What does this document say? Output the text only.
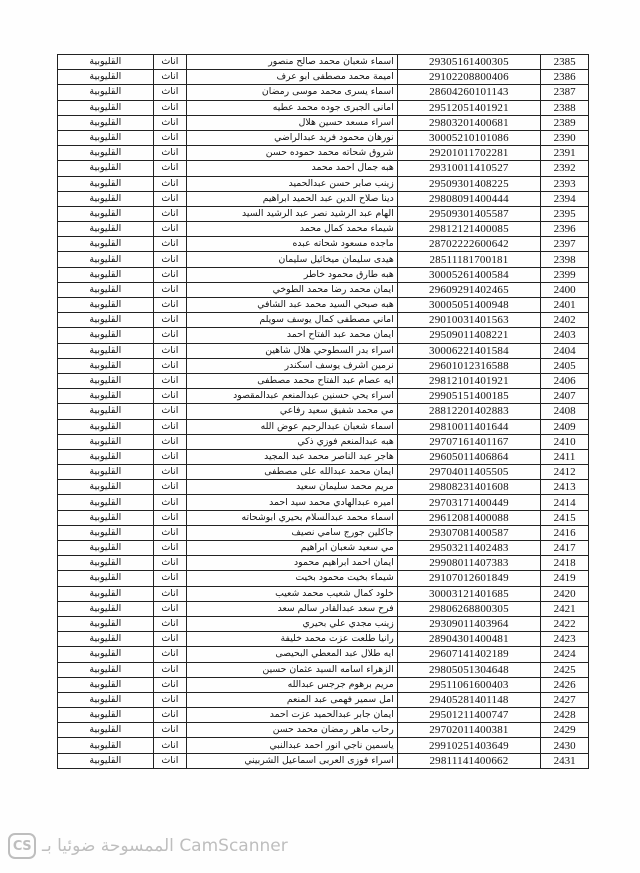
القليوبية	اناث	اسماء شعبان محمد صالح منصور	29305161400305	2385
القليوبية	اناث	اميمة محمد مصطفى ابو عرف	29102208800406	2386
القليوبية	اناث	اسماء يسرى محمد موسى رمضان	28604260101143	2387
القليوبية	اناث	امانى الجبرى جوده محمد عطيه	29512051401921	2388
القليوبية	اناث	اسراء مسعد حسين هلال	29803201400681	2389
القليوبية	اناث	نورهان محمود فريد عبدالراضي	30005210101086	2390
القليوبية	اناث	شروق شحاته محمد حموده حسن	29201011702281	2391
القليوبية	اناث	هبه جمال احمد محمد	29310011410527	2392
القليوبية	اناث	زينب صابر حسن عبدالحميد	29509301408225	2393
القليوبية	اناث	دينا صلاح الدين عبد الحميد ابراهيم	29808091400444	2394
القليوبية	اناث	الهام عبد الرشيد نصر عبد الرشيد السيد	29509301405587	2395
القليوبية	اناث	شيماء محمد كمال محمد	29812121400085	2396
القليوبية	اناث	ماجده مسعود شحاته عبده	28702222600642	2397
القليوبية	اناث	هيدى سليمان ميخائيل سليمان	28511181700181	2398
القليوبية	اناث	هبه طارق محمود خاطر	30005261400584	2399
القليوبية	اناث	ايمان محمد رضا محمد الطوخي	29609291402465	2400
القليوبية	اناث	هبه صبحي السيد محمد عبد الشافي	30005051400948	2401
القليوبية	اناث	اماني مصطفى كمال يوسف سويلم	29010031401563	2402
القليوبية	اناث	ايمان محمد عبد الفتاح احمد	29509011408221	2403
القليوبية	اناث	اسراء بدر السطوحي هلال شاهين	30006221401584	2404
القليوبية	اناث	نرمين اشرف يوسف اسكندر	29601012316588	2405
القليوبية	اناث	ايه عصام عبد الفتاح محمد مصطفى	29812101401921	2406
القليوبية	اناث	اسراء يحي حسنين عبدالمنعم عبدالمقصود	29905151400185	2407
القليوبية	اناث	مي محمد شفيق سعيد رفاعي	28812201402883	2408
القليوبية	اناث	اسماء شعبان عبدالرحيم عوض الله	29810011401644	2409
القليوبية	اناث	هبه عبدالمنعم فوزي ذكي	29707161401167	2410
القليوبية	اناث	هاجر عبد الناصر محمد عبد المجيد	29605011406864	2411
القليوبية	اناث	ايمان محمد عبدالله على مصطفى	29704011405505	2412
القليوبية	اناث	مريم محمد سليمان سعيد	29808231401608	2413
القليوبية	اناث	اميره عبدالهادي محمد سيد احمد	29703171400449	2414
القليوبية	اناث	اسماء محمد عبدالسلام بحيري ابوشحاته	29612081400088	2415
القليوبية	اناث	جاكلين جورج سامي نصيف	29307081400587	2416
القليوبية	اناث	مي سعيد شعبان ابراهيم	29503211402483	2417
القليوبية	اناث	ايمان احمد ابراهيم محمود	29908011407383	2418
القليوبية	اناث	شيماء بخيت محمود بخيت	29107012601849	2419
القليوبية	اناث	خلود كمال شعيب محمد شعيب	30003121401685	2420
القليوبية	اناث	فرح سعد عبدالقادر سالم سعد	29806268800305	2421
القليوبية	اناث	زينب مجدي علي بحيري	29309011403964	2422
القليوبية	اناث	رانيا طلعت عزت محمد خليفة	28904301400481	2423
القليوبية	اناث	ايه طلال عبد المعطي البحيصى	29607141402189	2424
القليوبية	اناث	الزهراء اسامه السيد عثمان حسين	29805051304648	2425
القليوبية	اناث	مريم برهوم جرجس عبدالله	29511061600403	2426
القليوبية	اناث	امل سمير فهمى عبد المنعم	29405281401148	2427
القليوبية	اناث	ايمان جابر عبدالحميد عزت احمد	29501211400747	2428
القليوبية	اناث	رحاب ماهر رمضان محمد حسن	29702011400381	2429
القليوبية	اناث	ياسمين ناجي انور احمد عبدالنبي	29910251403649	2430
القليوبية	اناث	اسراء فوزى العربى اسماعيل الشربيني	29811141400662	2431
CS CamScanner الممسوحة ضوئيا بـ
